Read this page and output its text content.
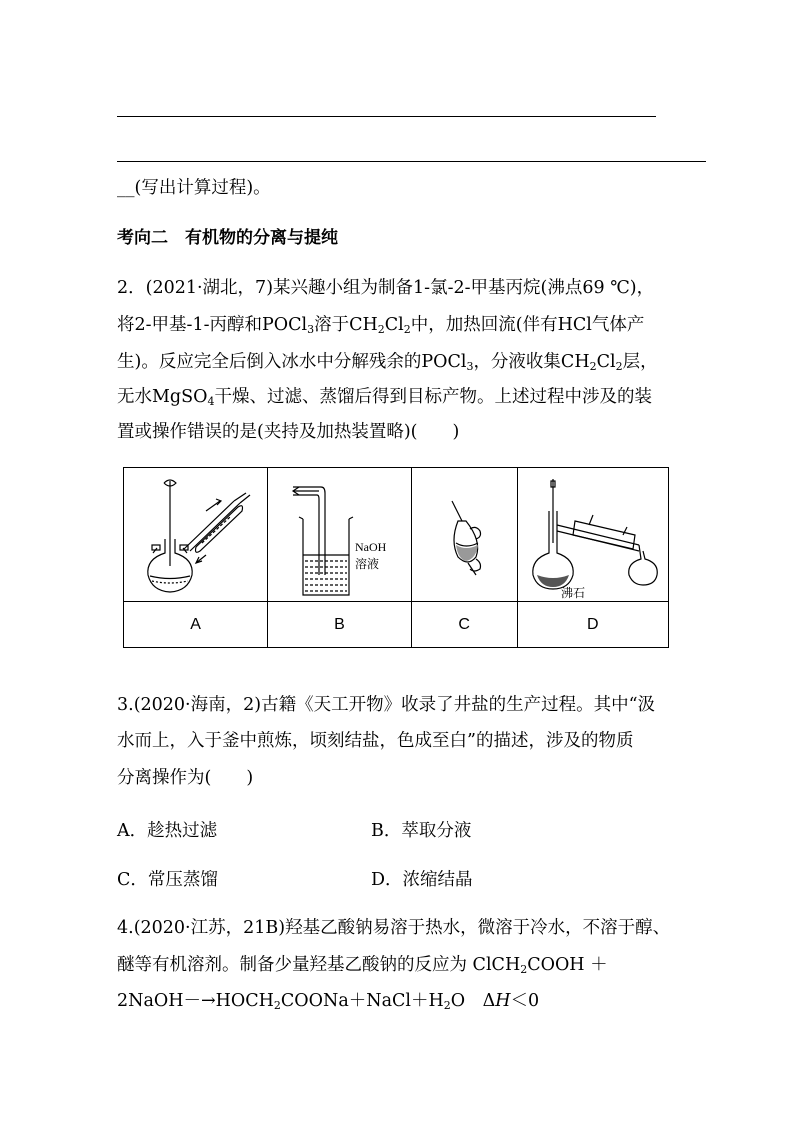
__(写出计算过程)。
考向二　有机物的分离与提纯
2．(2021·湖北，7)某兴趣小组为制备1-氯-2-甲基丙烷(沸点69 ℃)，
将2-甲基-1-丙醇和POCl$_3$溶于$CH_2Cl_2$中，加热回流(伴有HCl气体产
生)。反应完全后倒入冰水中分解残余的POCl$_3$，分液收集$CH_2Cl_2$层，
无水MgSO$_4$干燥、过滤、蒸馏后得到目标产物。上述过程中涉及的装
置或操作错误的是(夹持及加热装置略)(　　)

NaOH
溶液		沸石

A	B	C	D
3.(2020·海南，2)古籍《天工开物》收录了井盐的生产过程。其中“汲
水而上，入于釜中煎炼，顷刻结盐，色成至白”的描述，涉及的物质
分离操作为(　　)
A．趁热过滤	B．萃取分液
C．常压蒸馏	D．浓缩结晶
4.(2020·江苏，21B)羟基乙酸钠易溶于热水，微溶于冷水，不溶于醇、
醚等有机溶剂。制备少量羟基乙酸钠的反应为 ClCH$_2$COOH ＋
$2NaOH-\to HOCH_2COONa+NaCl+H_2O$　ΔH＜0
